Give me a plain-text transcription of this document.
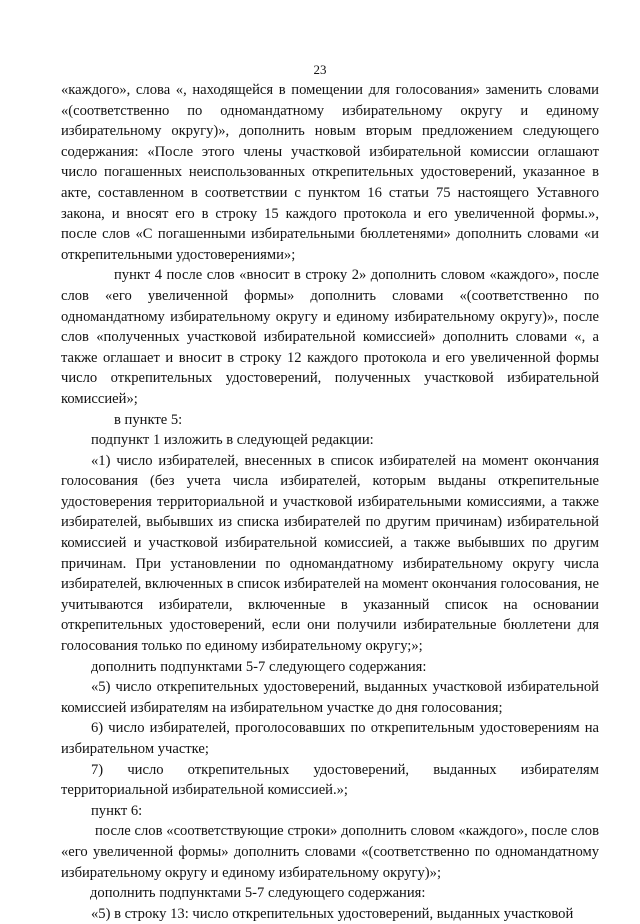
23

«каждого», слова «, находящейся в помещении для голосования» заменить словами «(соответственно по одномандатному избирательному округу и единому избирательному округу)», дополнить новым вторым предложением следующего содержания: «После этого члены участковой избирательной комиссии оглашают число погашенных неиспользованных открепительных удостоверений, указанное в акте, составленном в соответствии с пунктом 16 статьи 75 настоящего Уставного закона, и вносят его в строку 15 каждого протокола и его увеличенной формы.», после слов «С погашенными избирательными бюллетенями» дополнить словами «и открепительными удостоверениями»;

пункт 4 после слов «вносит в строку 2» дополнить словом «каждого», после слов «его увеличенной формы» дополнить словами «(соответственно по одномандатному избирательному округу и единому избирательному округу)», после слов «полученных участковой избирательной комиссией» дополнить словами «, а также оглашает и вносит в строку 12 каждого протокола и его увеличенной формы число открепительных удостоверений, полученных участковой избирательной комиссией»;

в пункте 5:

подпункт 1 изложить в следующей редакции:

«1) число избирателей, внесенных в список избирателей на момент окончания голосования (без учета числа избирателей, которым выданы открепительные удостоверения территориальной и участковой избирательными комиссиями, а также избирателей, выбывших из списка избирателей по другим причинам) избирательной комиссией и участковой избирательной комиссией, а также выбывших по другим причинам. При установлении по одномандатному избирательному округу числа избирателей, включенных в список избирателей на момент окончания голосования, не учитываются избиратели, включенные в указанный список на основании открепительных удостоверений, если они получили избирательные бюллетени для голосования только по единому избирательному округу;»;

дополнить подпунктами 5-7 следующего содержания:

«5) число открепительных удостоверений, выданных участковой избирательной комиссией избирателям на избирательном участке до дня голосования;

6) число избирателей, проголосовавших по открепительным удостоверениям на избирательном участке;

7) число открепительных удостоверений, выданных избирателям территориальной избирательной комиссией.»;

пункт 6:

после слов «соответствующие строки» дополнить словом «каждого», после слов «его увеличенной формы» дополнить словами «(соответственно по одномандатному избирательному округу и единому избирательному округу)»;

дополнить подпунктами 5-7 следующего содержания:

«5) в строку 13: число открепительных удостоверений, выданных участковой
